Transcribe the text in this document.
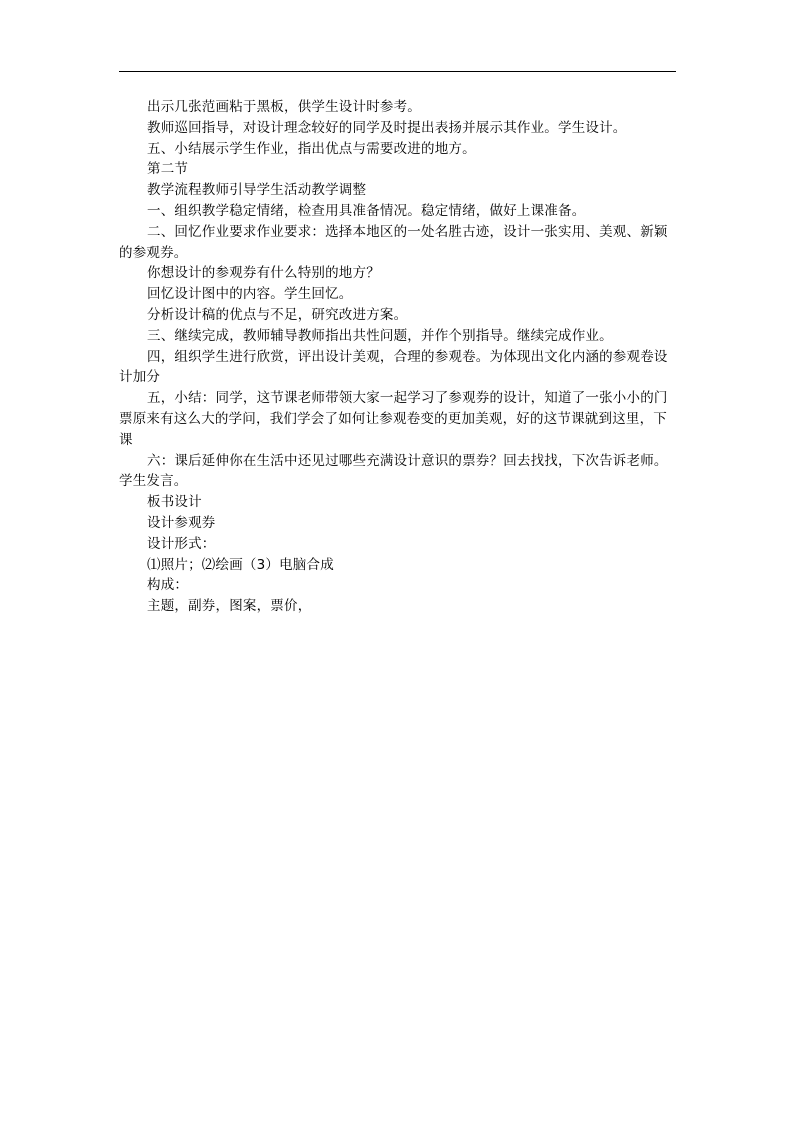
出示几张范画粘于黑板，供学生设计时参考。

教师巡回指导，对设计理念较好的同学及时提出表扬并展示其作业。学生设计。

五、小结展示学生作业，指出优点与需要改进的地方。

第二节

教学流程教师引导学生活动教学调整

一、组织教学稳定情绪，检查用具准备情况。稳定情绪，做好上课准备。

二、回忆作业要求作业要求：选择本地区的一处名胜古迹，设计一张实用、美观、新颖的参观券。

你想设计的参观券有什么特别的地方？

回忆设计图中的内容。学生回忆。

分析设计稿的优点与不足，研究改进方案。

三、继续完成，教师辅导教师指出共性问题，并作个别指导。继续完成作业。

四，组织学生进行欣赏，评出设计美观，合理的参观卷。为体现出文化内涵的参观卷设计加分

五，小结：同学，这节课老师带领大家一起学习了参观券的设计，知道了一张小小的门票原来有这么大的学问，我们学会了如何让参观卷变的更加美观，好的这节课就到这里，下课

六：课后延伸你在生活中还见过哪些充满设计意识的票券？回去找找，下次告诉老师。学生发言。

板书设计

设计参观券

设计形式：

⑴照片；⑵绘画（3）电脑合成

构成：

主题，副券，图案，票价，
